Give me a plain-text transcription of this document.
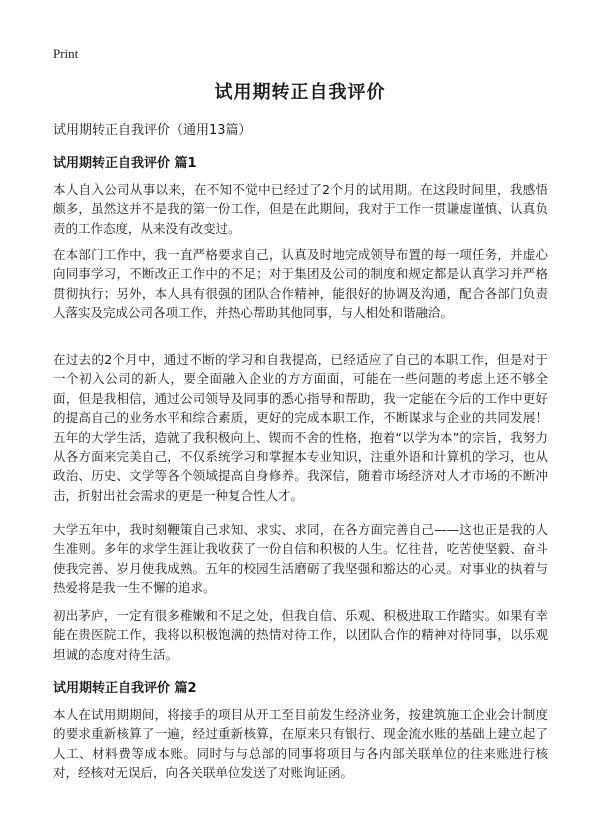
Print
试用期转正自我评价
试用期转正自我评价（通用13篇）
试用期转正自我评价 篇1

本人自入公司从事以来，在不知不觉中已经过了2个月的试用期。在这段时间里，我感悟颇多，虽然这并不是我的第一份工作，但是在此期间，我对于工作一贯谦虚谨慎、认真负责的工作态度，从来没有改变过。

在本部门工作中，我一直严格要求自己，认真及时地完成领导布置的每一项任务，并虚心向同事学习，不断改正工作中的不足；对于集团及公司的制度和规定都是认真学习并严格贯彻执行；另外，本人具有很强的团队合作精神，能很好的协调及沟通，配合各部门负责人落实及完成公司各项工作，并热心帮助其他同事，与人相处和谐融洽。

在过去的2个月中，通过不断的学习和自我提高，已经适应了自己的本职工作，但是对于一个初入公司的新人，要全面融入企业的方方面面，可能在一些问题的考虑上还不够全面，但是我相信，通过公司领导及同事的悉心指导和帮助，我一定能在今后的工作中更好的提高自己的业务水平和综合素质，更好的完成本职工作，不断谋求与企业的共同发展！五年的大学生活，造就了我积极向上、锲而不舍的性格，抱着“以学为本”的宗旨，我努力从各方面来完美自己，不仅系统学习和掌握本专业知识，注重外语和计算机的学习，也从政治、历史、文学等各个领域提高自身修养。我深信，随着市场经济对人才市场的不断冲击，折射出社会需求的更是一种复合性人才。

大学五年中，我时刻鞭策自己求知、求实、求同，在各方面完善自己——这也正是我的人生准则。多年的求学生涯让我收获了一份自信和积极的人生。忆往昔，吃苦使坚毅、奋斗使我完善、岁月使我成熟。五年的校园生活磨砺了我坚强和豁达的心灵。对事业的执着与热爱将是我一生不懈的追求。

初出茅庐，一定有很多稚嫩和不足之处，但我自信、乐观、积极进取工作踏实。如果有幸能在贵医院工作，我将以积极饱满的热情对待工作，以团队合作的精神对待同事，以乐观坦诚的态度对待生活。

试用期转正自我评价 篇2

本人在试用期期间，将接手的项目从开工至目前发生经济业务，按建筑施工企业会计制度的要求重新核算了一遍，经过重新核算，在原来只有银行、现金流水账的基础上建立起了人工、材料费等成本账。同时与与总部的同事将项目与各内部关联单位的往来账进行核对，经核对无误后，向各关联单位发送了对账询证函。
